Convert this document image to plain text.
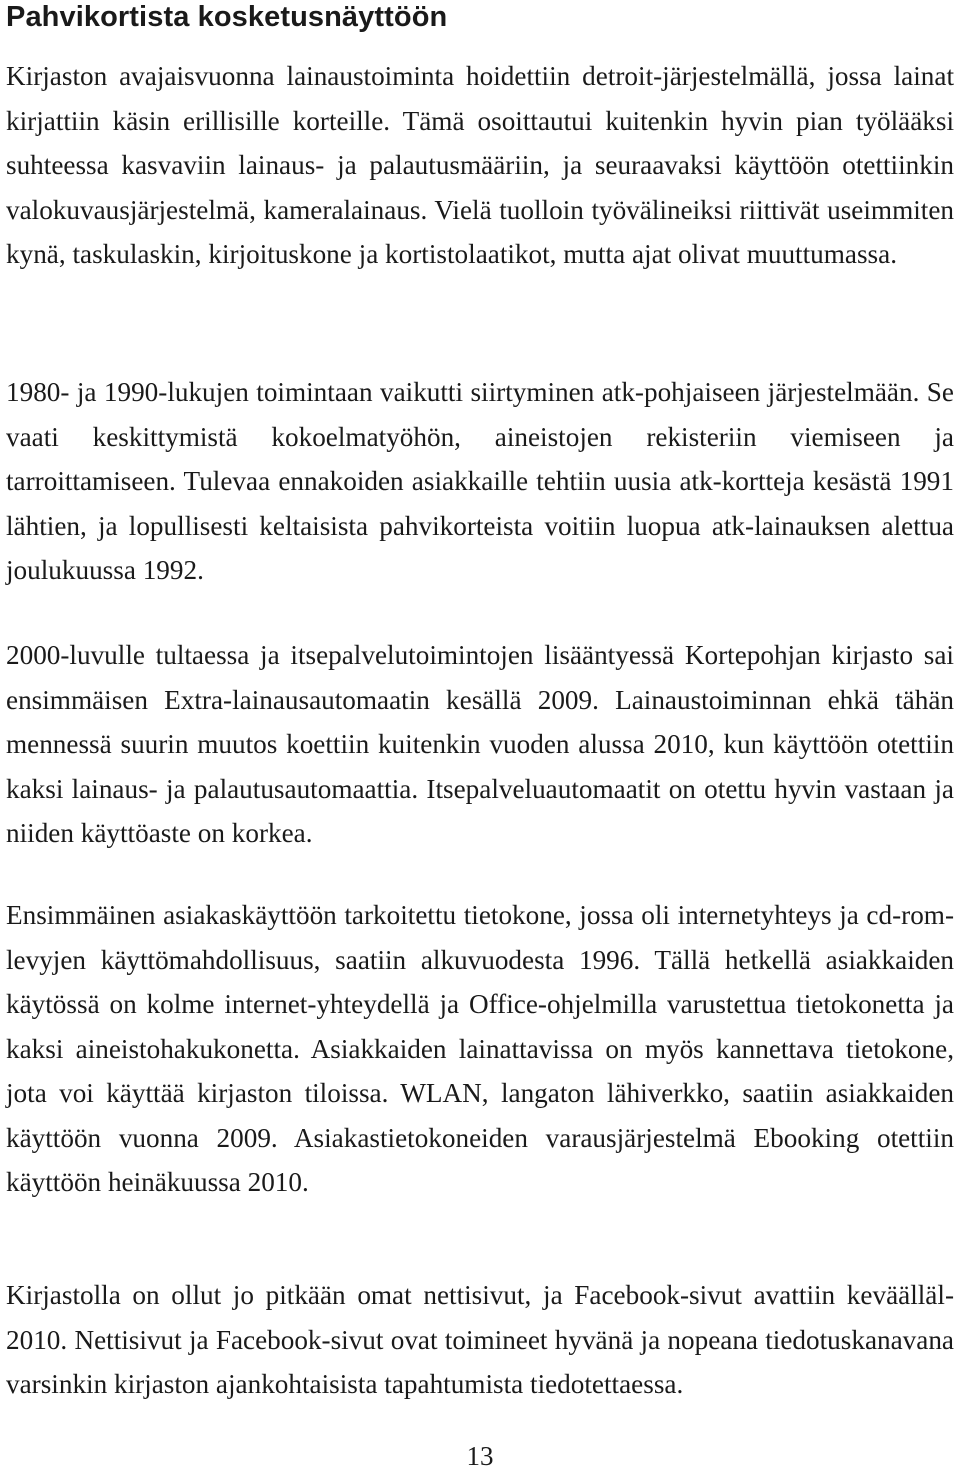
Pahvikortista kosketusnäyttöön

Kirjaston avajaisvuonna lainaustoiminta hoidettiin detroit-järjestelmällä, jossa lainat kirjattiin käsin erillisille korteille. Tämä osoittautui kuitenkin hyvin pian työlääksi suhteessa kasvaviin lainaus- ja palautusmääriin, ja seuraavaksi käyttöön otettiinkin valokuvausjärjestelmä, kameralainaus. Vielä tuolloin työvälineiksi riittivät useimmiten kynä, taskulaskin, kirjoituskone ja kortistolaatikot, mutta ajat olivat muuttumassa.

1980- ja 1990-lukujen toimintaan vaikutti siirtyminen atk-pohjaiseen järjestelmään. Se vaati keskittymistä kokoelmatyöhön, aineistojen rekisteriin viemiseen ja tarroittamiseen. Tulevaa ennakoiden asiakkaille tehtiin uusia atk-kortteja kesästä 1991 lähtien, ja lopullisesti keltaisista pahvikorteista voitiin luopua atk-lainauksen alettua joulukuussa 1992.

2000-luvulle tultaessa ja itsepalvelutoimintojen lisääntyessä Kortepohjan kirjasto sai ensimmäisen Extra-lainausautomaatin kesällä 2009. Lainaustoiminnan ehkä tähän mennessä suurin muutos koettiin kuitenkin vuoden alussa 2010, kun käyttöön otettiin kaksi lainaus- ja palautusautomaattia. Itsepalveluautomaatit on otettu hyvin vastaan ja niiden käyttöaste on korkea.

Ensimmäinen asiakaskäyttöön tarkoitettu tietokone, jossa oli internetyhteys ja cd-rom-levyjen käyttömahdollisuus, saatiin alkuvuodesta 1996. Tällä hetkellä asiakkaiden käytössä on kolme internet-yhteydellä ja Office-ohjelmilla varustettua tietokonetta ja kaksi aineistohakukonetta. Asiakkaiden lainattavissa on myös kannettava tietokone, jota voi käyttää kirjaston tiloissa. WLAN, langaton lähiverkko, saatiin asiakkaiden käyttöön vuonna 2009. Asiakastietokoneiden varausjärjestelmä Ebooking otettiin käyttöön heinäkuussa 2010.

Kirjastolla on ollut jo pitkään omat nettisivut, ja Facebook-sivut avattiin keväälläl 2010. Nettisivut ja Facebook-sivut ovat toimineet hyvänä ja nopeana tiedotuskanavana varsinkin kirjaston ajankohtaisista tapahtumista tiedotettaessa.

13
